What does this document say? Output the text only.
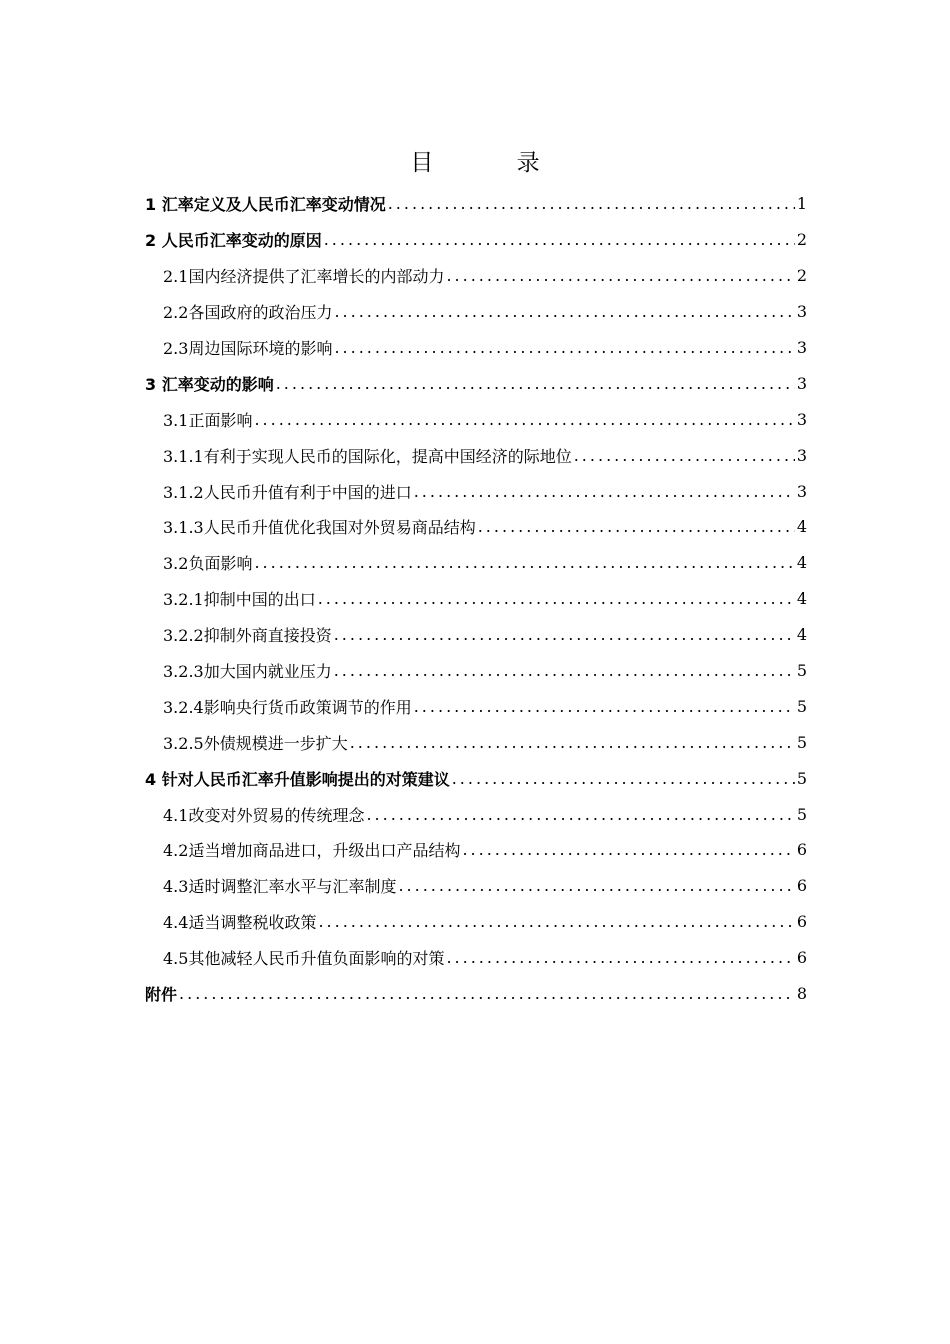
目 录
1 汇率定义及人民币汇率变动情况 .....	1
2 人民币汇率变动的原因 .....	2
2.1国内经济提供了汇率增长的内部动力 .....	2
2.2各国政府的政治压力 .....	3
2.3周边国际环境的影响 .....	3
3 汇率变动的影响 .....	3
3.1正面影响 .....	3
3.1.1有利于实现人民币的国际化，提高中国经济的际地位 .....	3
3.1.2人民币升值有利于中国的进口 .....	3
3.1.3人民币升值优化我国对外贸易商品结构 .....	4
3.2负面影响 .....	4
3.2.1抑制中国的出口 .....	4
3.2.2抑制外商直接投资 .....	4
3.2.3加大国内就业压力 .....	5
3.2.4影响央行货币政策调节的作用 .....	5
3.2.5外债规模进一步扩大 .....	5
4 针对人民币汇率升值影响提出的对策建议 .....	5
4.1改变对外贸易的传统理念 .....	5
4.2适当增加商品进口，升级出口产品结构 .....	6
4.3适时调整汇率水平与汇率制度 .....	6
4.4适当调整税收政策 .....	6
4.5其他减轻人民币升值负面影响的对策 .....	6
附件 .....	8
